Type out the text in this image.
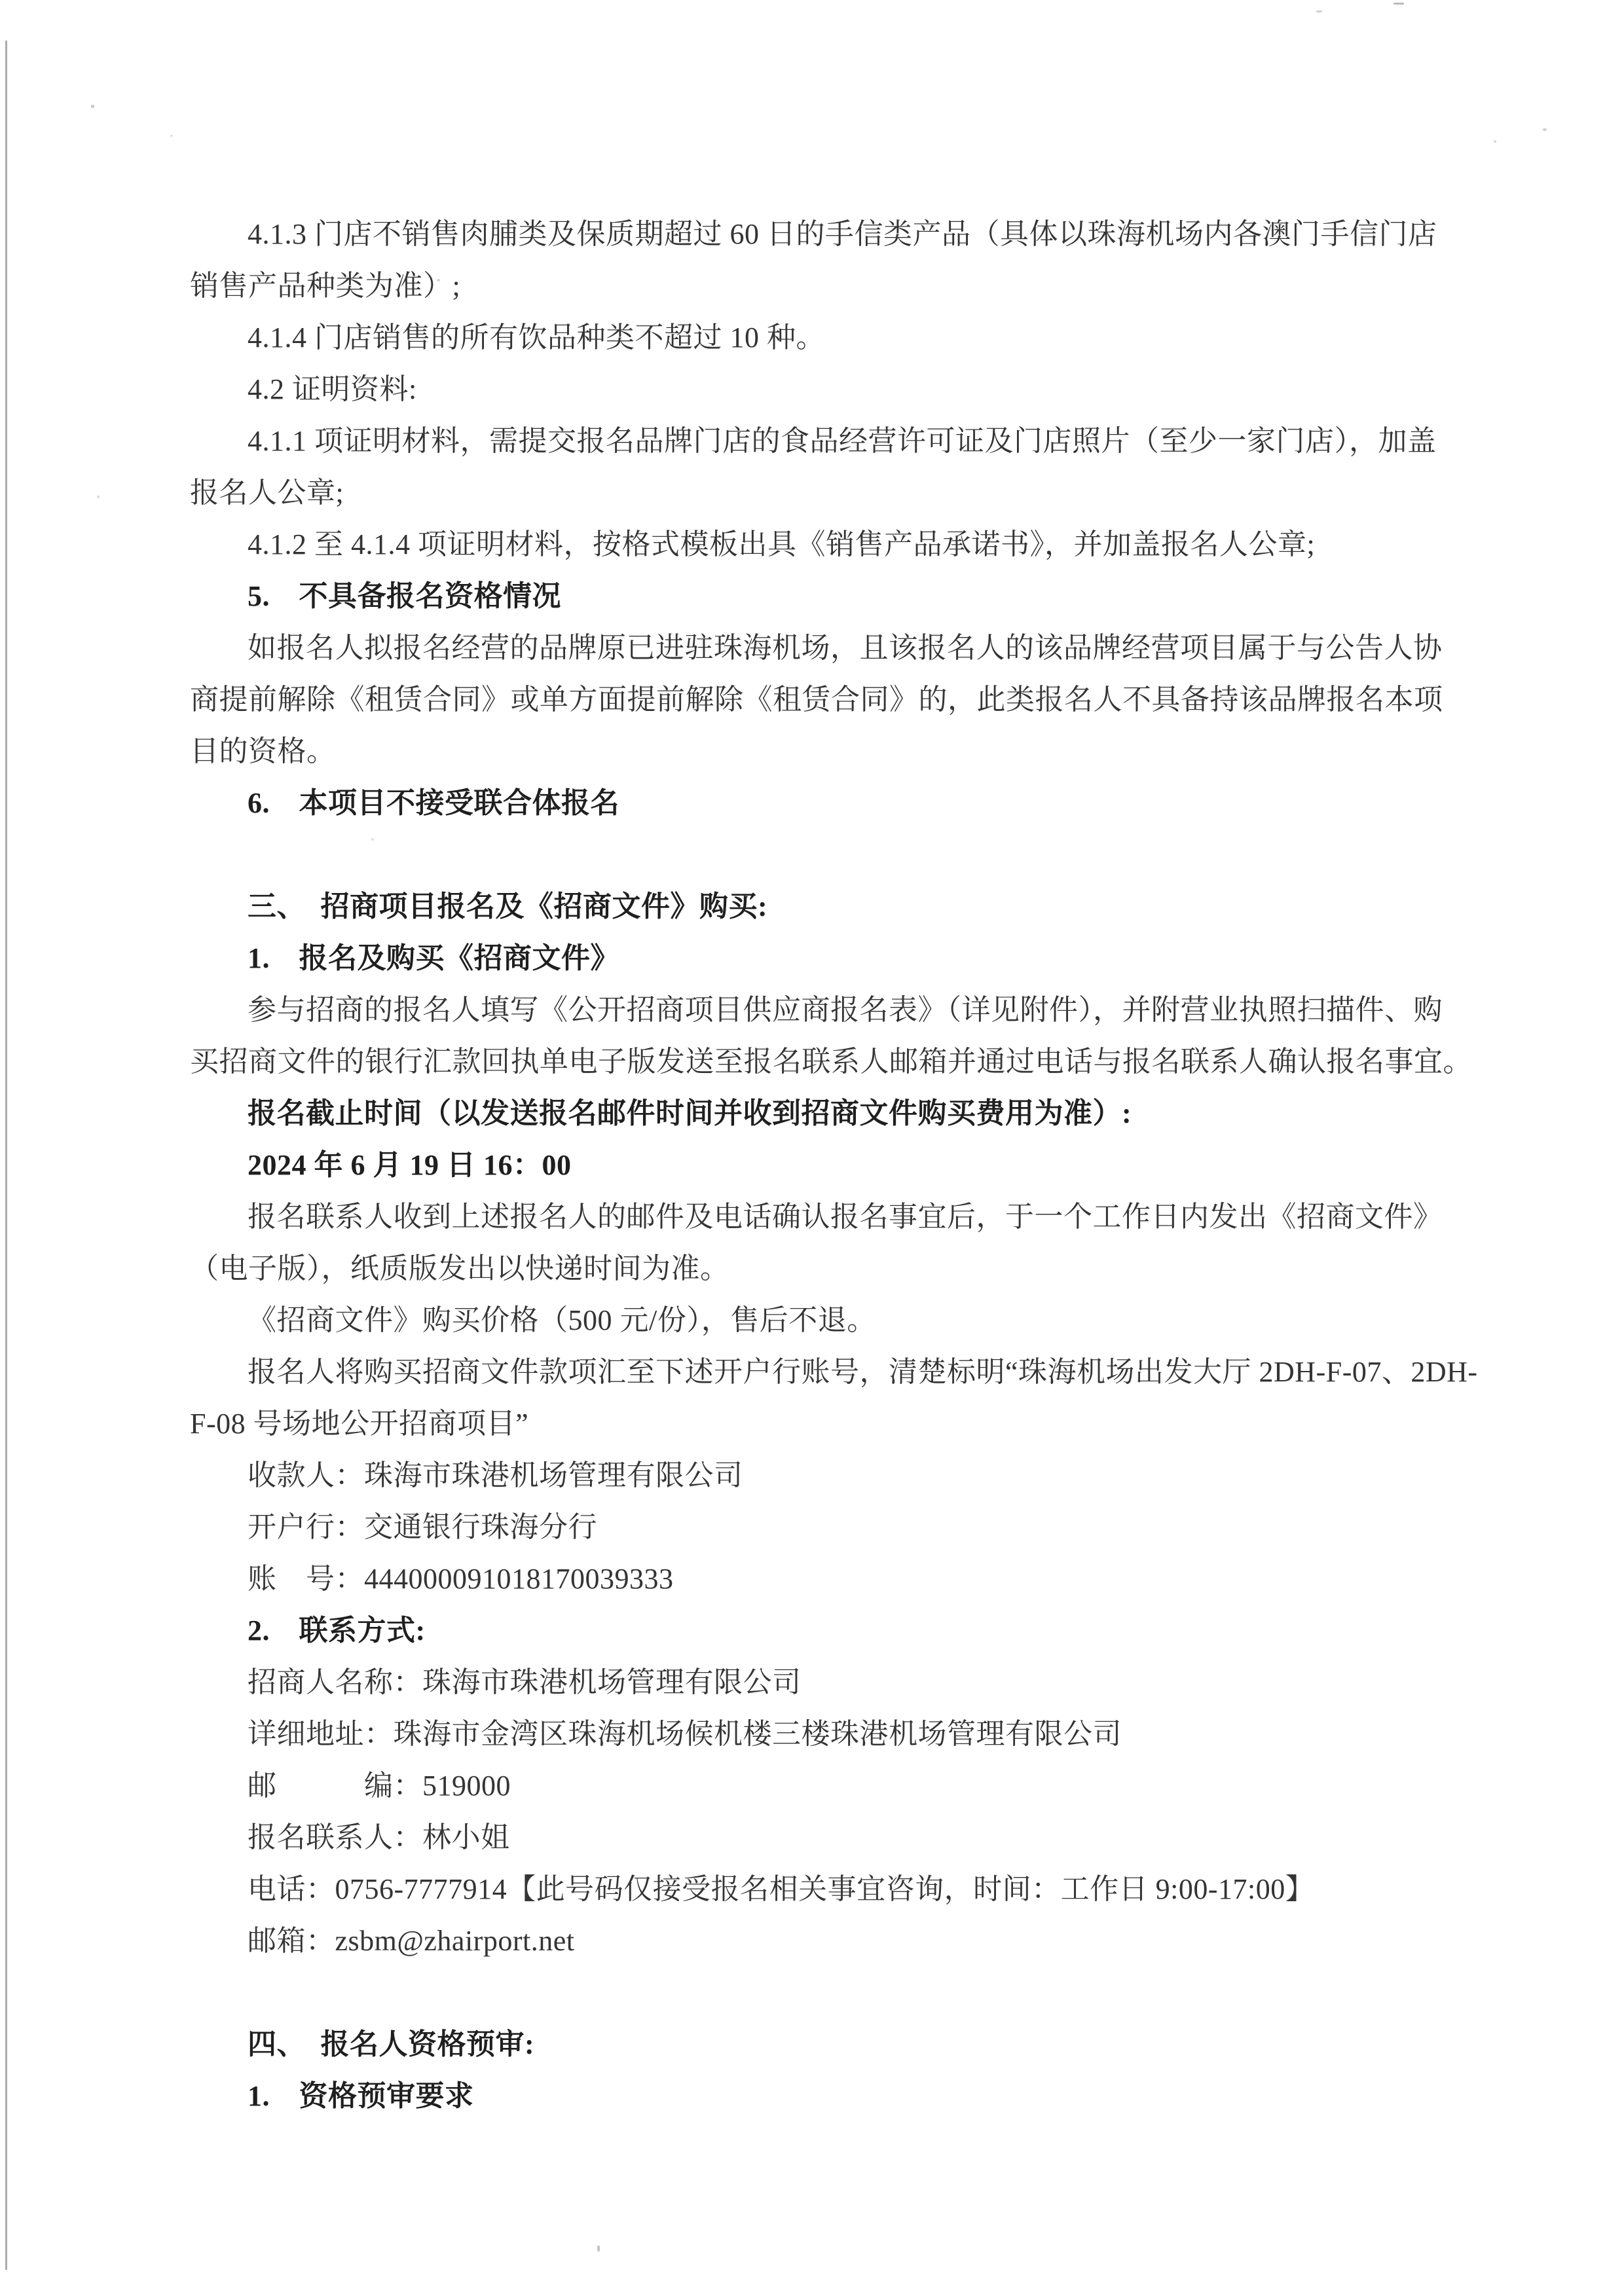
4.1.3 门店不销售肉脯类及保质期超过 60 日的手信类产品（具体以珠海机场内各澳门手信门店
销售产品种类为准）;
4.1.4 门店销售的所有饮品种类不超过 10 种。
4.2 证明资料:
4.1.1 项证明材料，需提交报名品牌门店的食品经营许可证及门店照片（至少一家门店），加盖
报名人公章;
4.1.2 至 4.1.4 项证明材料，按格式模板出具《销售产品承诺书》，并加盖报名人公章;
5.　不具备报名资格情况
如报名人拟报名经营的品牌原已进驻珠海机场，且该报名人的该品牌经营项目属于与公告人协
商提前解除《租赁合同》或单方面提前解除《租赁合同》的，此类报名人不具备持该品牌报名本项
目的资格。
6.　本项目不接受联合体报名
三、　招商项目报名及《招商文件》购买:
1.　报名及购买《招商文件》
参与招商的报名人填写《公开招商项目供应商报名表》（详见附件），并附营业执照扫描件、购
买招商文件的银行汇款回执单电子版发送至报名联系人邮箱并通过电话与报名联系人确认报名事宜。
报名截止时间（以发送报名邮件时间并收到招商文件购买费用为准）:
2024 年 6 月 19 日 16：00
报名联系人收到上述报名人的邮件及电话确认报名事宜后，于一个工作日内发出《招商文件》
（电子版），纸质版发出以快递时间为准。
《招商文件》购买价格（500 元/份），售后不退。
报名人将购买招商文件款项汇至下述开户行账号，清楚标明“珠海机场出发大厅 2DH-F-07、2DH-
F-08 号场地公开招商项目”
收款人：珠海市珠港机场管理有限公司
开户行：交通银行珠海分行
账　号：444000091018170039333
2.　联系方式:
招商人名称：珠海市珠港机场管理有限公司
详细地址：珠海市金湾区珠海机场候机楼三楼珠港机场管理有限公司
邮　　　编：519000
报名联系人：林小姐
电话：0756-7777914【此号码仅接受报名相关事宜咨询，时间：工作日 9:00-17:00】
邮箱：zsbm@zhairport.net
四、　报名人资格预审:
1.　资格预审要求
